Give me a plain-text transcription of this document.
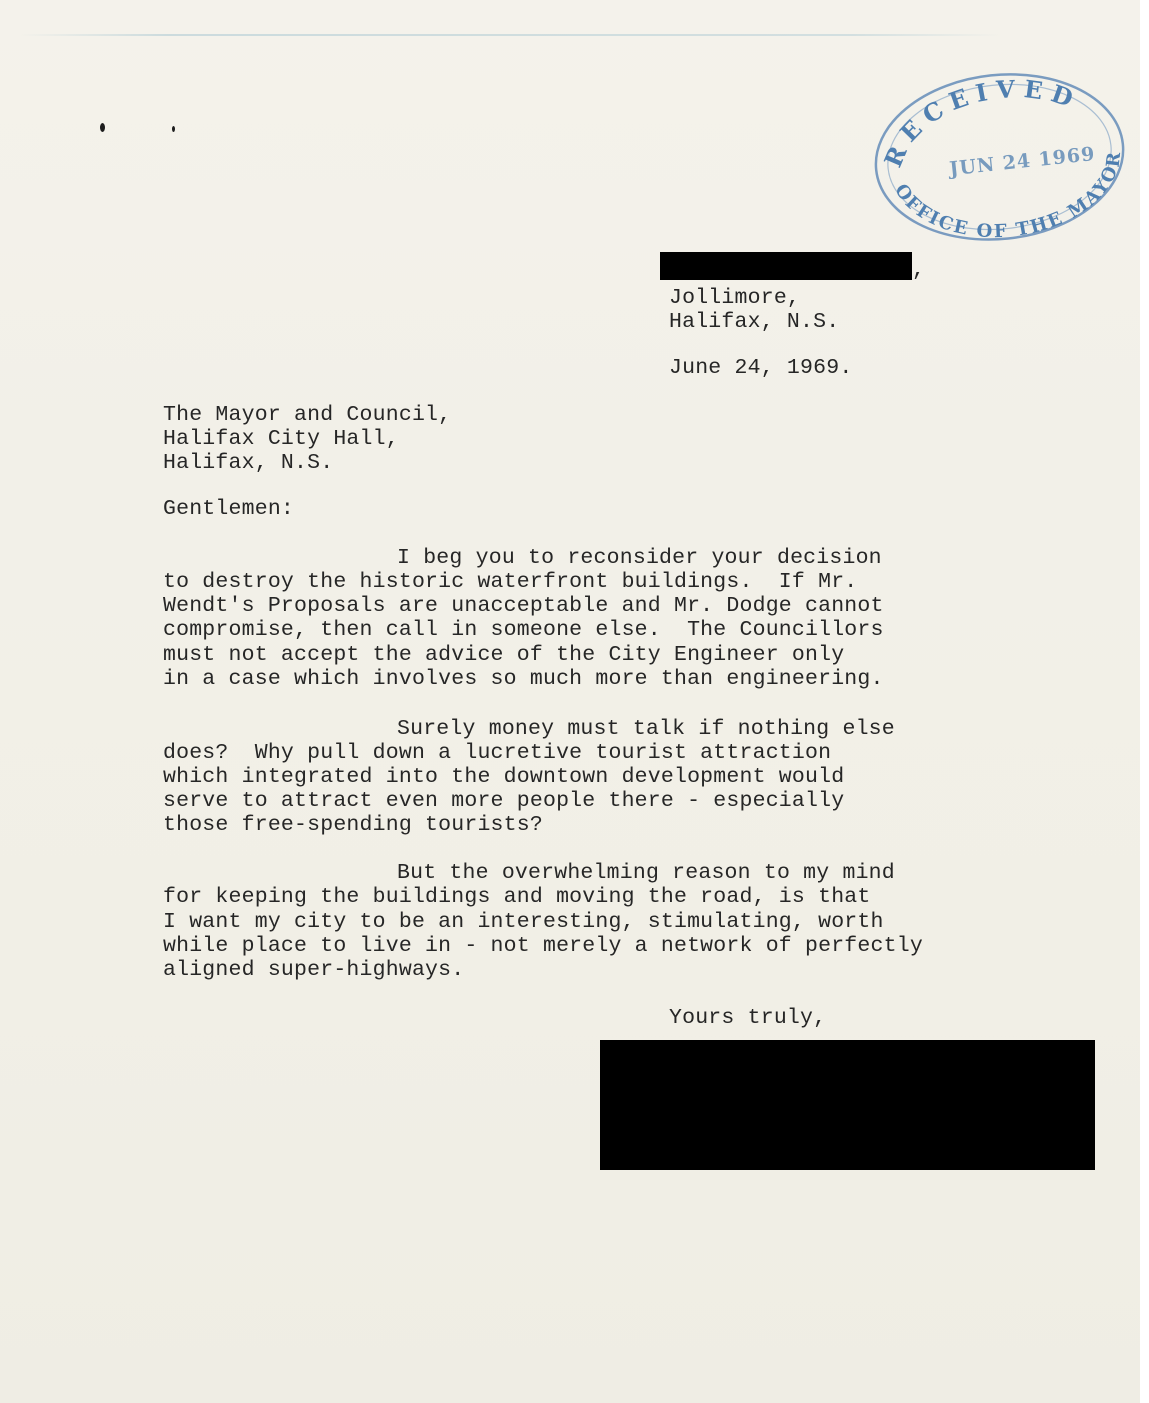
RECEIVED
JUN 24 1969
OFFICE OF THE MAYOR
,
Jollimore,
Halifax, N.S.
June 24, 1969.
The Mayor and Council,
Halifax City Hall,
Halifax, N.S.
Gentlemen:
I beg you to reconsider your decision
to destroy the historic waterfront buildings.  If Mr.
Wendt's Proposals are unacceptable and Mr. Dodge cannot
compromise, then call in someone else.  The Councillors
must not accept the advice of the City Engineer only
in a case which involves so much more than engineering.
Surely money must talk if nothing else
does?  Why pull down a lucretive tourist attraction
which integrated into the downtown development would
serve to attract even more people there - especially
those free-spending tourists?
But the overwhelming reason to my mind
for keeping the buildings and moving the road, is that
I want my city to be an interesting, stimulating, worth
while place to live in - not merely a network of perfectly
aligned super-highways.
Yours truly,
